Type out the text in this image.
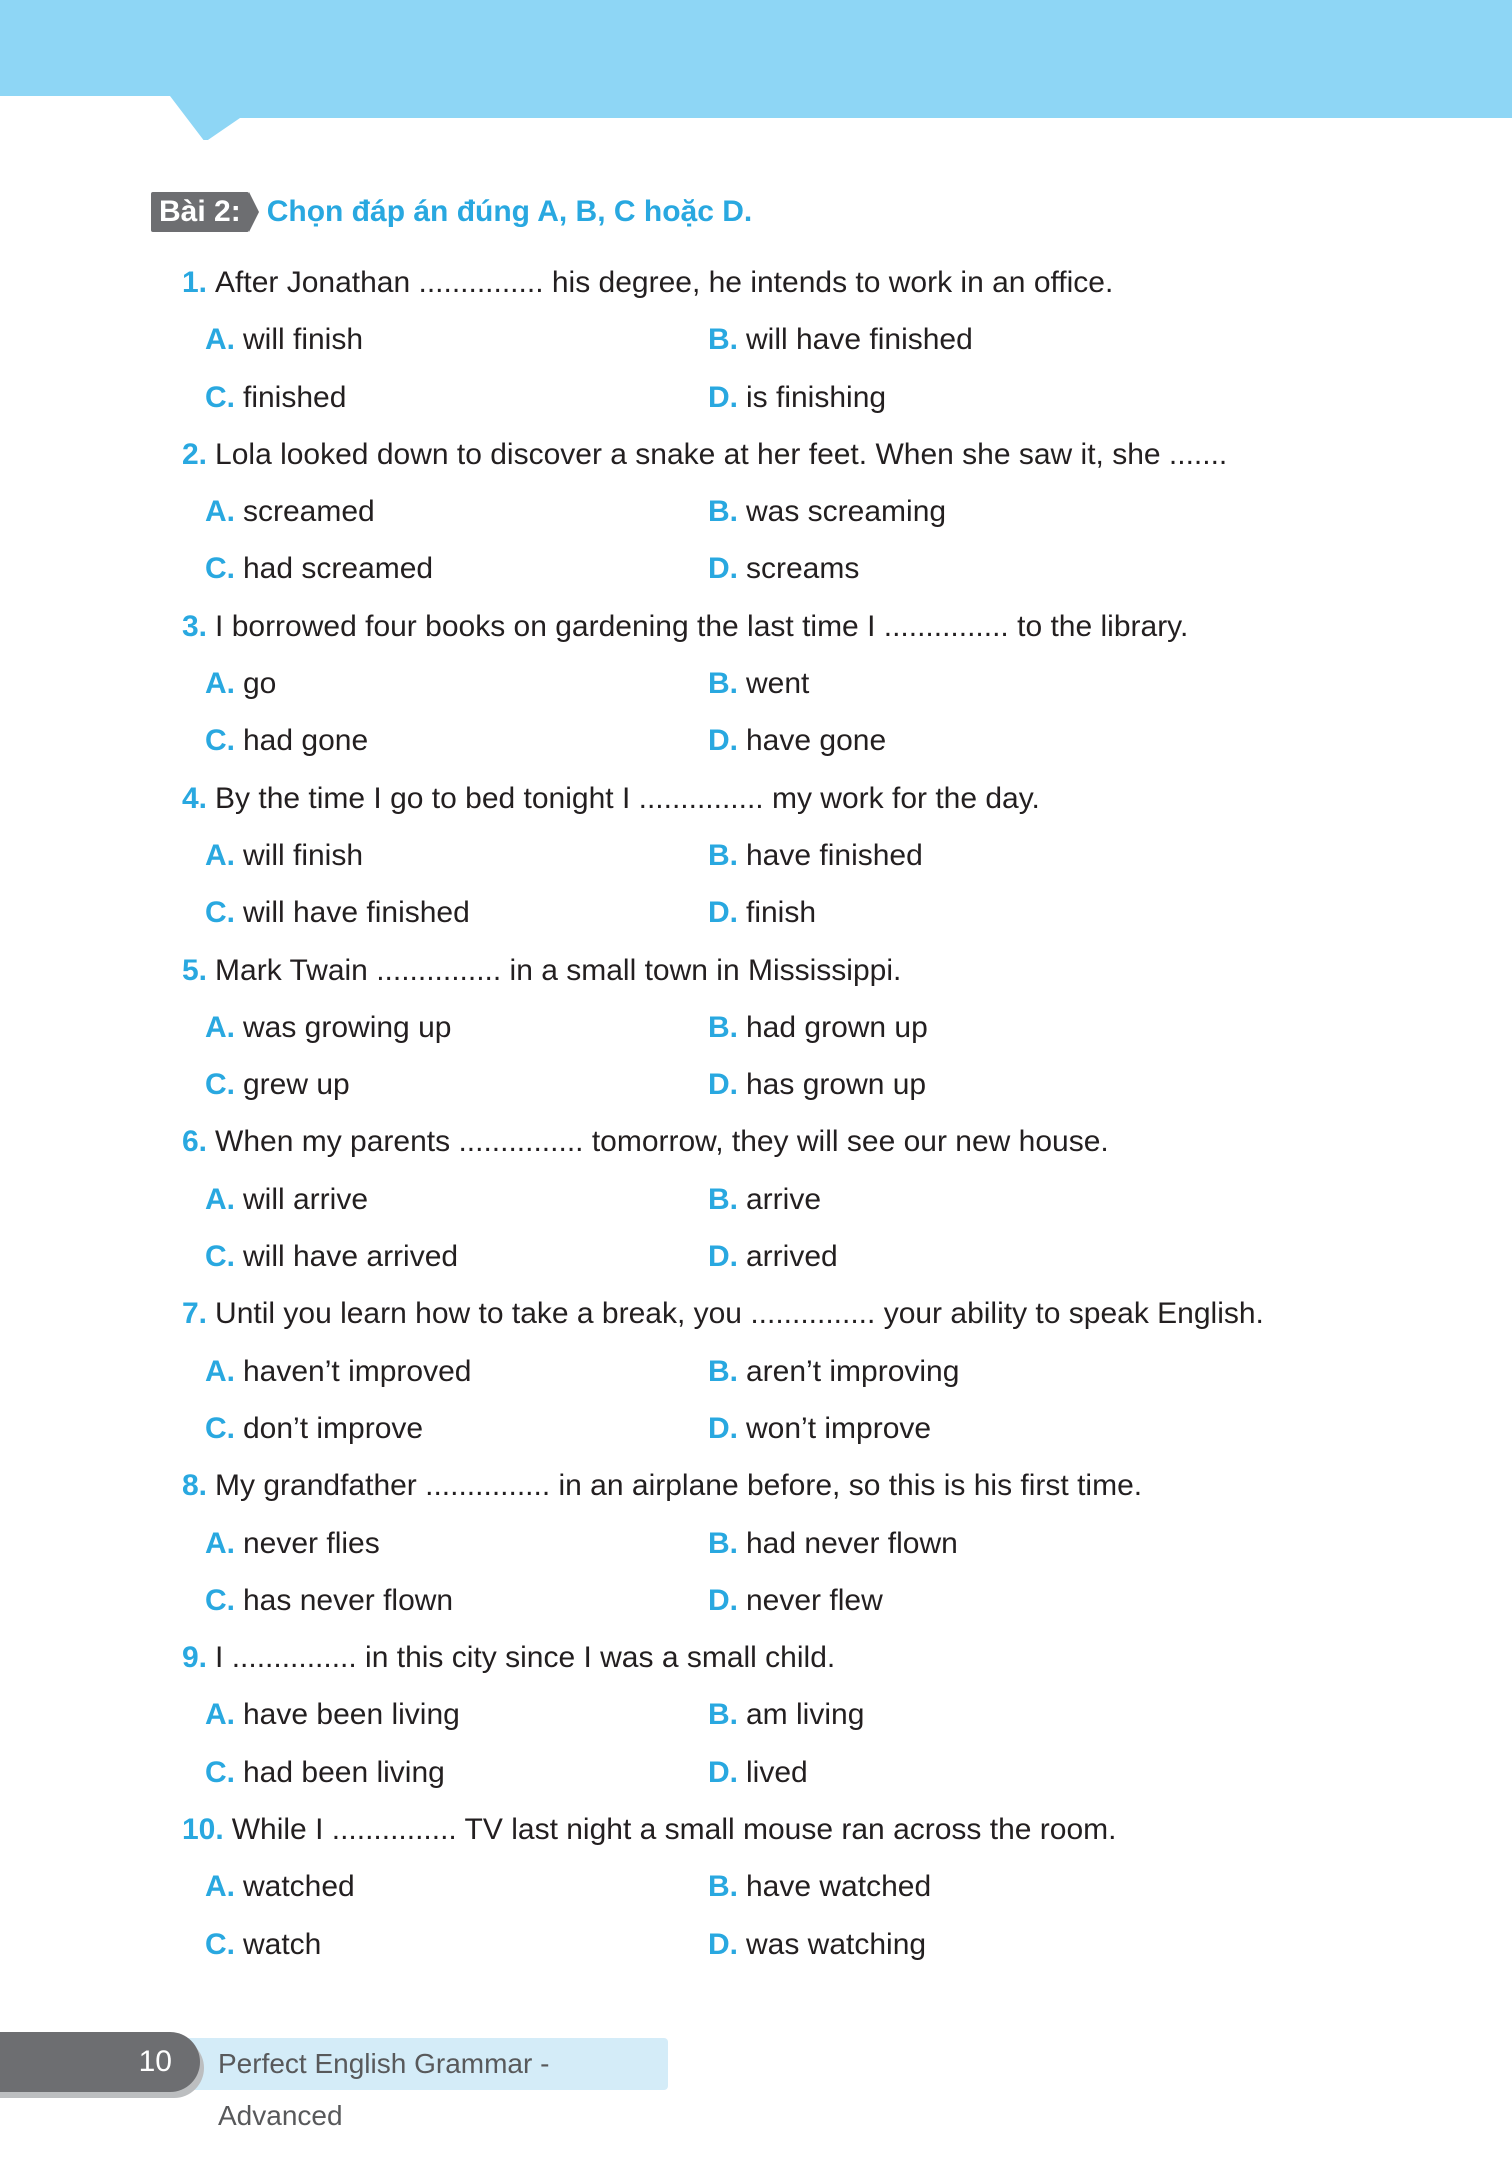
Bài 2: Chọn đáp án đúng A, B, C hoặc D.
1. After Jonathan ............... his degree, he intends to work in an office.
A. will finish	B. will have finished
C. finished	D. is finishing
2. Lola looked down to discover a snake at her feet. When she saw it, she .......
A. screamed	B. was screaming
C. had screamed	D. screams
3. I borrowed four books on gardening the last time I ............... to the library.
A. go	B. went
C. had gone	D. have gone
4. By the time I go to bed tonight I ............... my work for the day.
A. will finish	B. have finished
C. will have finished	D. finish
5. Mark Twain ............... in a small town in Mississippi.
A. was growing up	B. had grown up
C. grew up	D. has grown up
6. When my parents ............... tomorrow, they will see our new house.
A. will arrive	B. arrive
C. will have arrived	D. arrived
7. Until you learn how to take a break, you ............... your ability to speak English.
A. haven’t improved	B. aren’t improving
C. don’t improve	D. won’t improve
8. My grandfather ............... in an airplane before, so this is his first time.
A. never flies	B. had never flown
C. has never flown	D. never flew
9. I ............... in this city since I was a small child.
A. have been living	B. am living
C. had been living	D. lived
10. While I ............... TV last night a small mouse ran across the room.
A. watched	B. have watched
C. watch	D. was watching
10	Perfect English Grammar - Advanced
